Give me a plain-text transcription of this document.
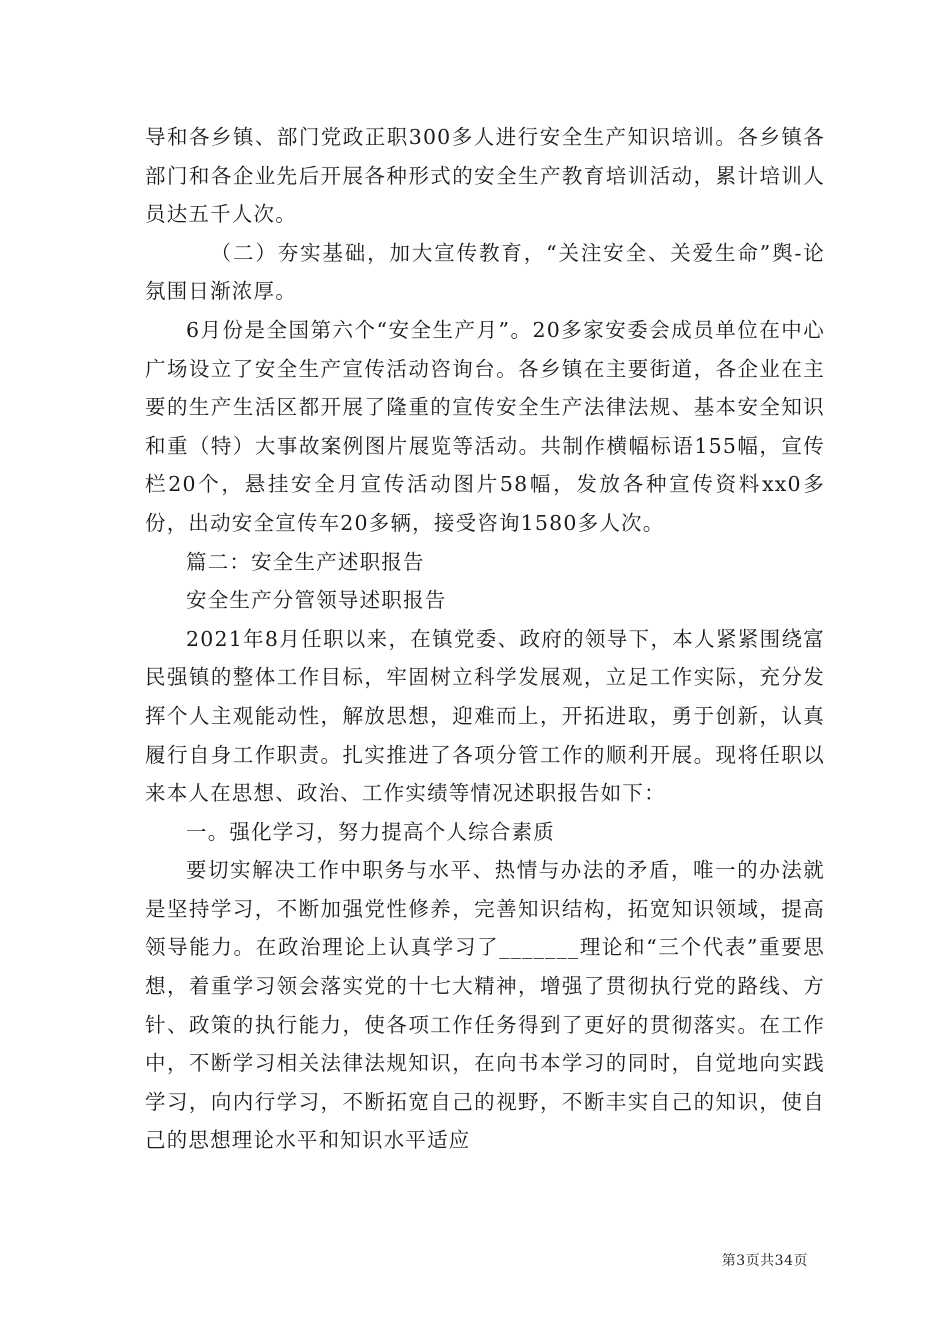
导和各乡镇、部门党政正职300多人进行安全生产知识培训。各乡镇各部门和各企业先后开展各种形式的安全生产教育培训活动，累计培训人员达五千人次。

（二）夯实基础，加大宣传教育，“关注安全、关爱生命”舆-论氛围日渐浓厚。

6月份是全国第六个“安全生产月”。20多家安委会成员单位在中心广场设立了安全生产宣传活动咨询台。各乡镇在主要街道，各企业在主要的生产生活区都开展了隆重的宣传安全生产法律法规、基本安全知识和重（特）大事故案例图片展览等活动。共制作横幅标语155幅，宣传栏20个，悬挂安全月宣传活动图片58幅，发放各种宣传资料xx0多份，出动安全宣传车20多辆，接受咨询1580多人次。

篇二：安全生产述职报告

安全生产分管领导述职报告

2021年8月任职以来，在镇党委、政府的领导下，本人紧紧围绕富民强镇的整体工作目标，牢固树立科学发展观，立足工作实际，充分发挥个人主观能动性，解放思想，迎难而上，开拓进取，勇于创新，认真履行自身工作职责。扎实推进了各项分管工作的顺利开展。现将任职以来本人在思想、政治、工作实绩等情况述职报告如下：

一。强化学习，努力提高个人综合素质

要切实解决工作中职务与水平、热情与办法的矛盾，唯一的办法就是坚持学习，不断加强党性修养，完善知识结构，拓宽知识领域，提高领导能力。在政治理论上认真学习了_______理论和“三个代表”重要思想，着重学习领会落实党的十七大精神，增强了贯彻执行党的路线、方针、政策的执行能力，使各项工作任务得到了更好的贯彻落实。在工作中，不断学习相关法律法规知识，在向书本学习的同时，自觉地向实践学习，向内行学习，不断拓宽自己的视野，不断丰实自己的知识，使自己的思想理论水平和知识水平适应

第3页共34页
